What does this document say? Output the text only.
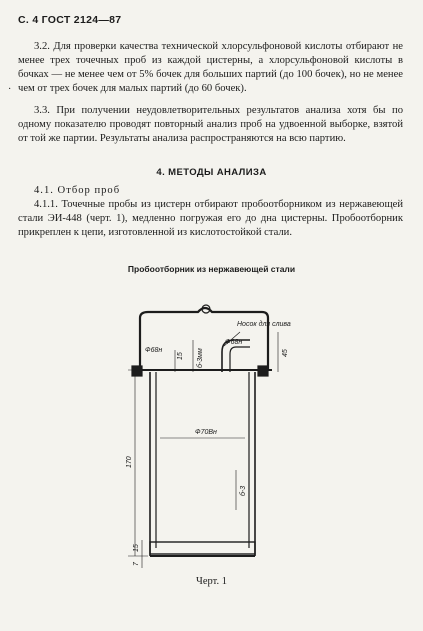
С. 4 ГОСТ 2124—87

3.2. Для проверки качества технической хлорсульфоновой кислоты отбирают не менее трех точечных проб из каждой цистерны, а хлорсульфоновой кислоты в бочках — не менее чем от 5% бочек для больших партий (до 100 бочек), но не менее чем от трех бочек для малых партий (до 60 бочек).

·

3.3. При получении неудовлетворительных результатов анализа хотя бы по одному показателю проводят повторный анализ проб на удвоенной выборке, взятой от той же партии. Результаты анализа распространяются на всю партию.

4. МЕТОДЫ АНАЛИЗА

4.1. Отбор проб

4.1.1. Точечные пробы из цистерн отбирают пробоотборником из нержавеющей стали ЭИ-448 (черт. 1), медленно погружая его до дна цистерны. Пробоотборник прикреплен к цепи, изготовленной из кислотостойкой стали.

Пробоотборник из нержавеющей стали
Носок для слива
Ф68н
Ф68н
Ф70Вн
15 б-3мм	45
170
б-3
15
7
Черт. 1
